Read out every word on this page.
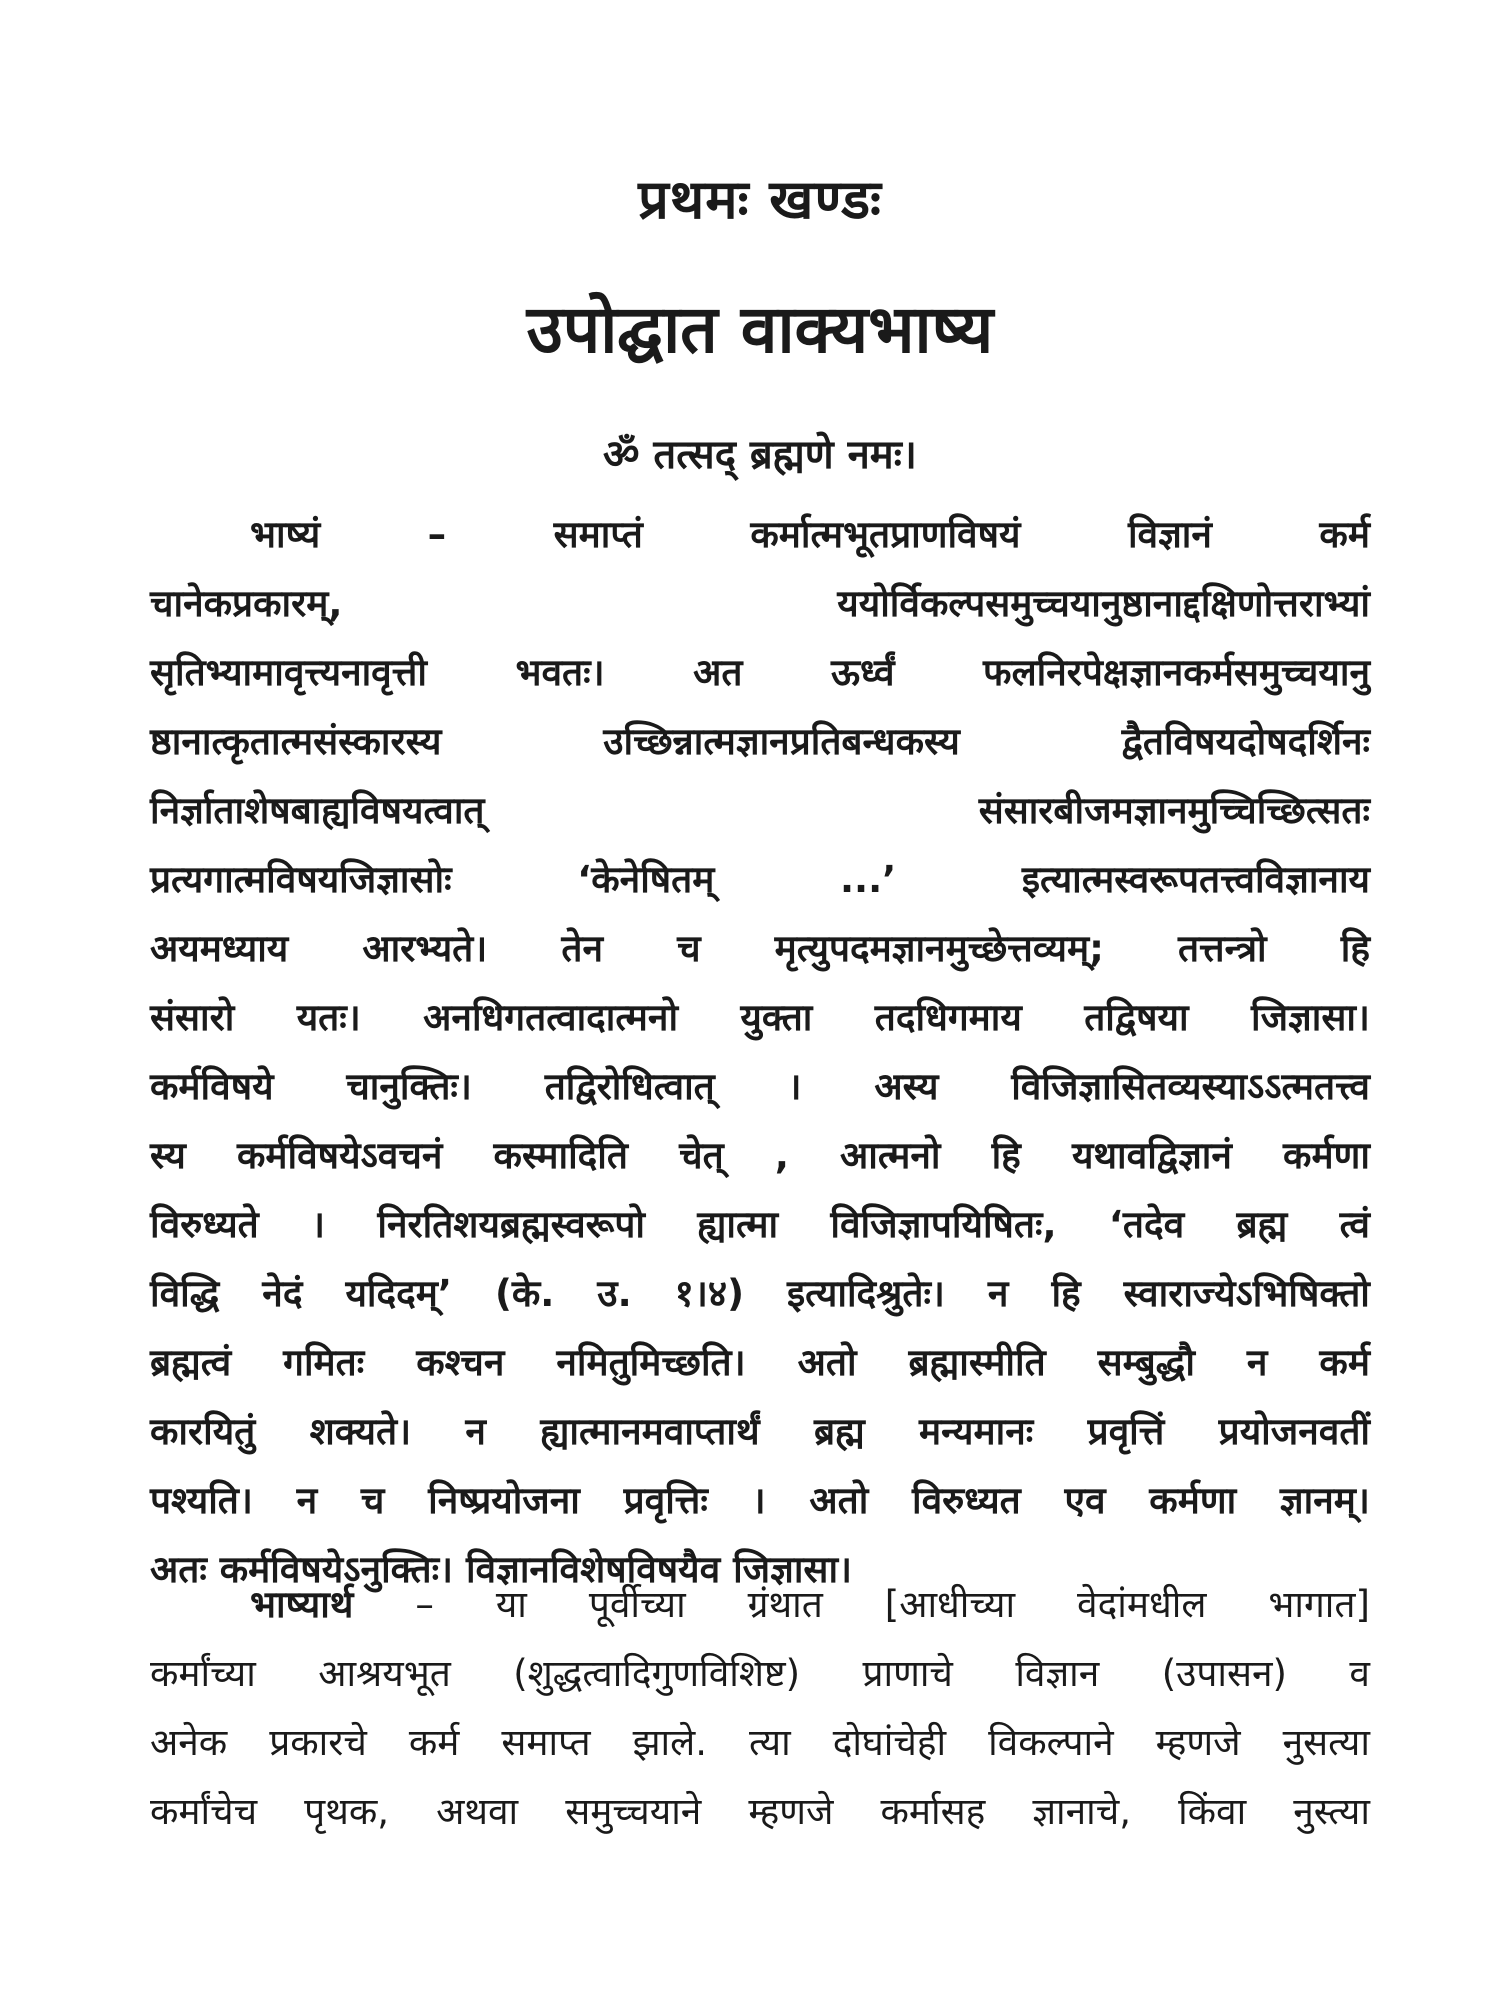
प्रथमः खण्डः
उपोद्घात वाक्यभाष्य
ॐ तत्सद् ब्रह्मणे नमः।
भाष्यं	–	समाप्तं	कर्मात्मभूतप्राणविषयं	विज्ञानं	कर्म
चानेकप्रकारम्,	ययोर्विकल्पसमुच्चयानुष्ठानाद्दक्षिणोत्तराभ्यां
सृतिभ्यामावृत्त्यनावृत्ती भवतः। अत ऊर्ध्वं फलनिरपेक्षज्ञानकर्मसमुच्चयानु
ष्ठानात्कृतात्मसंस्कारस्य	उच्छिन्नात्मज्ञानप्रतिबन्धकस्य	द्वैतविषयदोषदर्शिनः
निर्ज्ञाताशेषबाह्यविषयत्वात्	संसारबीजमज्ञानमुच्चिच्छित्सतः
प्रत्यगात्मविषयजिज्ञासोः	‘केनेषितम्	...’	इत्यात्मस्वरूपतत्त्वविज्ञानाय
अयमध्याय आरभ्यते। तेन च मृत्युपदमज्ञानमुच्छेत्तव्यम्; तत्तन्त्रो हि
संसारो यतः। अनधिगतत्वादात्मनो युक्ता तदधिगमाय तद्विषया जिज्ञासा।
कर्मविषये चानुक्तिः। तद्विरोधित्वात् । अस्य विजिज्ञासितव्यस्याऽऽत्मतत्त्व
स्य कर्मविषयेऽवचनं कस्मादिति चेत् , आत्मनो हि यथावद्विज्ञानं कर्मणा
विरुध्यते । निरतिशयब्रह्मस्वरूपो ह्यात्मा विजिज्ञापयिषितः, ‘तदेव ब्रह्म त्वं
विद्धि नेदं यदिदम्’ (के. उ. १।४) इत्यादिश्रुतेः। न हि स्वाराज्येऽभिषिक्तो
ब्रह्मत्वं गमितः कश्चन नमितुमिच्छति। अतो ब्रह्मास्मीति सम्बुद्धौ न कर्म
कारयितुं शक्यते। न ह्यात्मानमवाप्तार्थं ब्रह्म मन्यमानः प्रवृत्तिं प्रयोजनवतीं
पश्यति। न च निष्प्रयोजना प्रवृत्तिः । अतो विरुध्यत एव कर्मणा ज्ञानम्।
अतः कर्मविषयेऽनुक्तिः। विज्ञानविशेषविषयैव जिज्ञासा।
भाष्यार्थ – या पूर्वीच्या ग्रंथात [आधीच्या वेदांमधील भागात]
कर्मांच्या आश्रयभूत (शुद्धत्वादिगुणविशिष्ट) प्राणाचे विज्ञान (उपासन) व
अनेक प्रकारचे कर्म समाप्त झाले. त्या दोघांचेही विकल्पाने म्हणजे नुसत्या
कर्मांचेच पृथक, अथवा समुच्चयाने म्हणजे कर्मासह ज्ञानाचे, किंवा नुस्त्या
